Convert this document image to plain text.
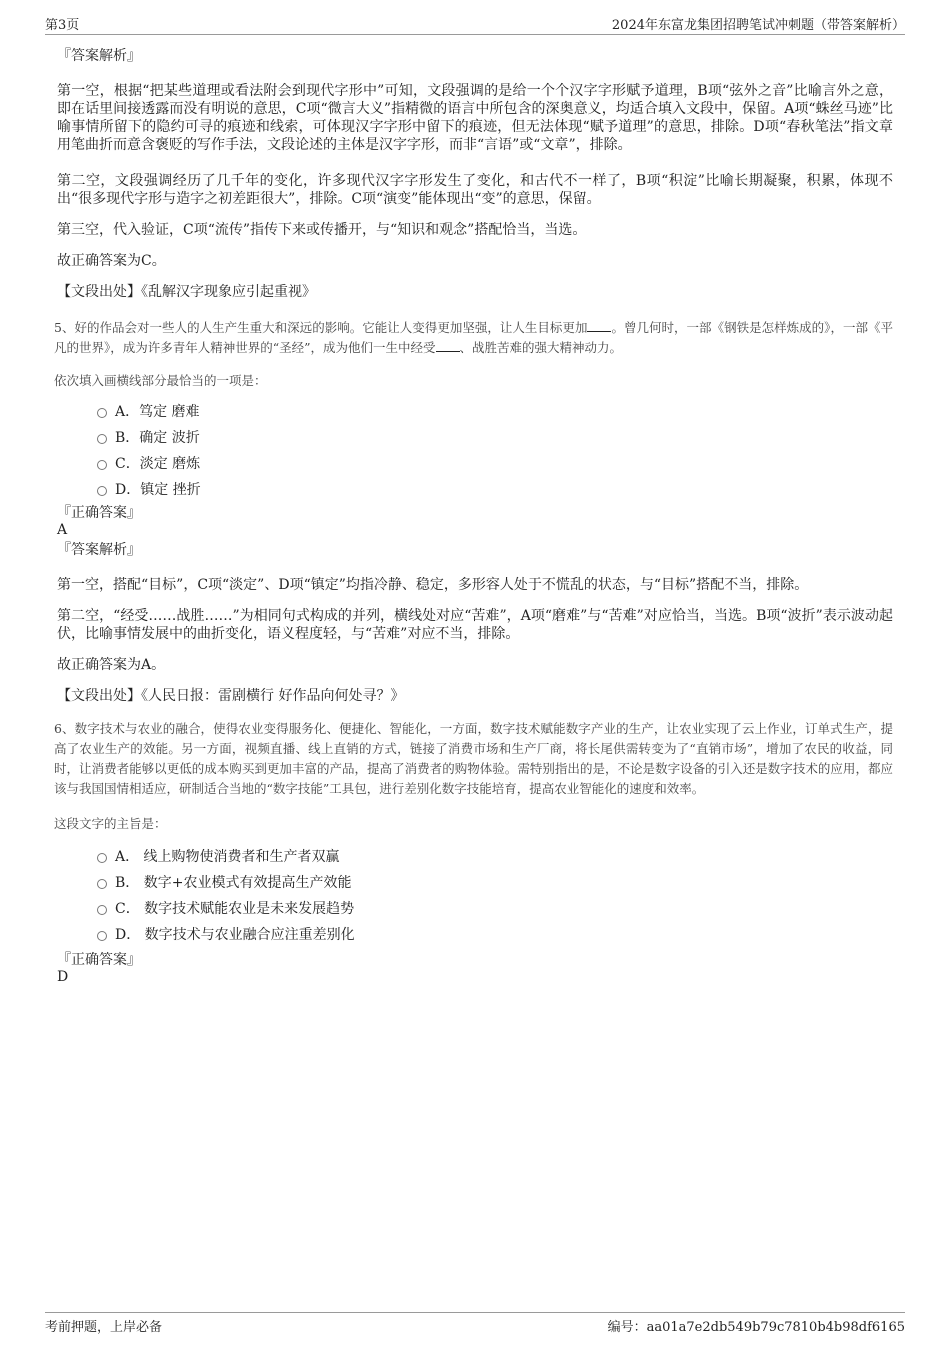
第3页	2024年东富龙集团招聘笔试冲刺题（带答案解析）
『答案解析』

第一空，根据“把某些道理或看法附会到现代字形中”可知，文段强调的是给一个个汉字字形赋予道理，B项“弦外之音”比喻言外之意，即在话里间接透露而没有明说的意思，C项“微言大义”指精微的语言中所包含的深奥意义，均适合填入文段中，保留。A项“蛛丝马迹”比喻事情所留下的隐约可寻的痕迹和线索，可体现汉字字形中留下的痕迹，但无法体现“赋予道理”的意思，排除。D项“春秋笔法”指文章用笔曲折而意含褒贬的写作手法，文段论述的主体是汉字字形，而非“言语”或“文章”，排除。

第二空，文段强调经历了几千年的变化，许多现代汉字字形发生了变化，和古代不一样了，B项“积淀”比喻长期凝聚，积累，体现不出“很多现代字形与造字之初差距很大”，排除。C项“演变”能体现出“变”的意思，保留。

第三空，代入验证，C项“流传”指传下来或传播开，与“知识和观念”搭配恰当，当选。

故正确答案为C。

【文段出处】《乱解汉字现象应引起重视》

5、好的作品会对一些人的人生产生重大和深远的影响。它能让人变得更加坚强，让人生目标更加 。曾几何时，一部《钢铁是怎样炼成的》，一部《平凡的世界》，成为许多青年人精神世界的“圣经”，成为他们一生中经受 、战胜苦难的强大精神动力。

依次填入画横线部分最恰当的一项是：
A．笃定 磨难
B．确定 波折
C．淡定 磨炼
D．镇定 挫折
『正确答案』
A
『答案解析』

第一空，搭配“目标”，C项“淡定”、D项“镇定”均指冷静、稳定，多形容人处于不慌乱的状态，与“目标”搭配不当，排除。

第二空，“经受……战胜……”为相同句式构成的并列，横线处对应“苦难”，A项“磨难”与“苦难”对应恰当，当选。B项“波折”表示波动起伏，比喻事情发展中的曲折变化，语义程度轻，与“苦难”对应不当，排除。

故正确答案为A。

【文段出处】《人民日报：雷剧横行 好作品向何处寻？》

6、数字技术与农业的融合，使得农业变得服务化、便捷化、智能化，一方面，数字技术赋能数字产业的生产，让农业实现了云上作业，订单式生产，提高了农业生产的效能。另一方面，视频直播、线上直销的方式，链接了消费市场和生产厂商，将长尾供需转变为了“直销市场”，增加了农民的收益，同时，让消费者能够以更低的成本购买到更加丰富的产品，提高了消费者的购物体验。需特别指出的是，不论是数字设备的引入还是数字技术的应用，都应该与我国国情相适应，研制适合当地的“数字技能”工具包，进行差别化数字技能培育，提高农业智能化的速度和效率。

这段文字的主旨是：
A． 线上购物使消费者和生产者双赢
B． 数字+农业模式有效提高生产效能
C． 数字技术赋能农业是未来发展趋势
D． 数字技术与农业融合应注重差别化
『正确答案』
D
考前押题，上岸必备	编号：aa01a7e2db549b79c7810b4b98df6165
